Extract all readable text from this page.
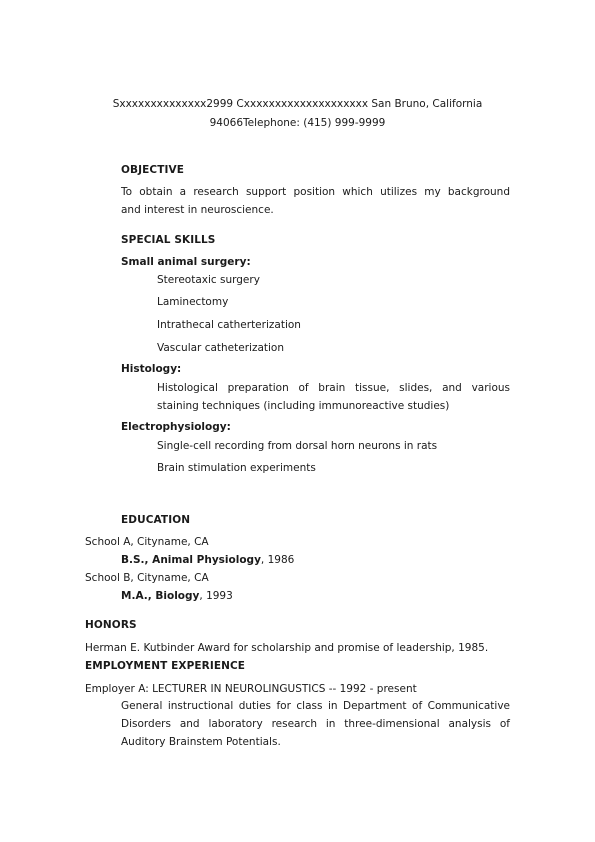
Sxxxxxxxxxxxxxx2999 Cxxxxxxxxxxxxxxxxxxxx San Bruno, California
94066Telephone: (415) 999-9999
OBJECTIVE
To obtain a research support position which utilizes my background
and interest in neuroscience.
SPECIAL SKILLS
Small animal surgery:
Stereotaxic surgery
Laminectomy
Intrathecal catherterization
Vascular catheterization
Histology:
Histological preparation of brain tissue, slides, and various
staining techniques (including immunoreactive studies)
Electrophysiology:
Single-cell recording from dorsal horn neurons in rats
Brain stimulation experiments
EDUCATION
School A, Cityname, CA
B.S., Animal Physiology, 1986
School B, Cityname, CA
M.A., Biology, 1993
HONORS
Herman E. Kutbinder Award for scholarship and promise of leadership, 1985.
EMPLOYMENT EXPERIENCE
Employer A: LECTURER IN NEUROLINGUSTICS -- 1992 - present
General instructional duties for class in Department of Communicative
Disorders and laboratory research in three-dimensional analysis of
Auditory Brainstem Potentials.
